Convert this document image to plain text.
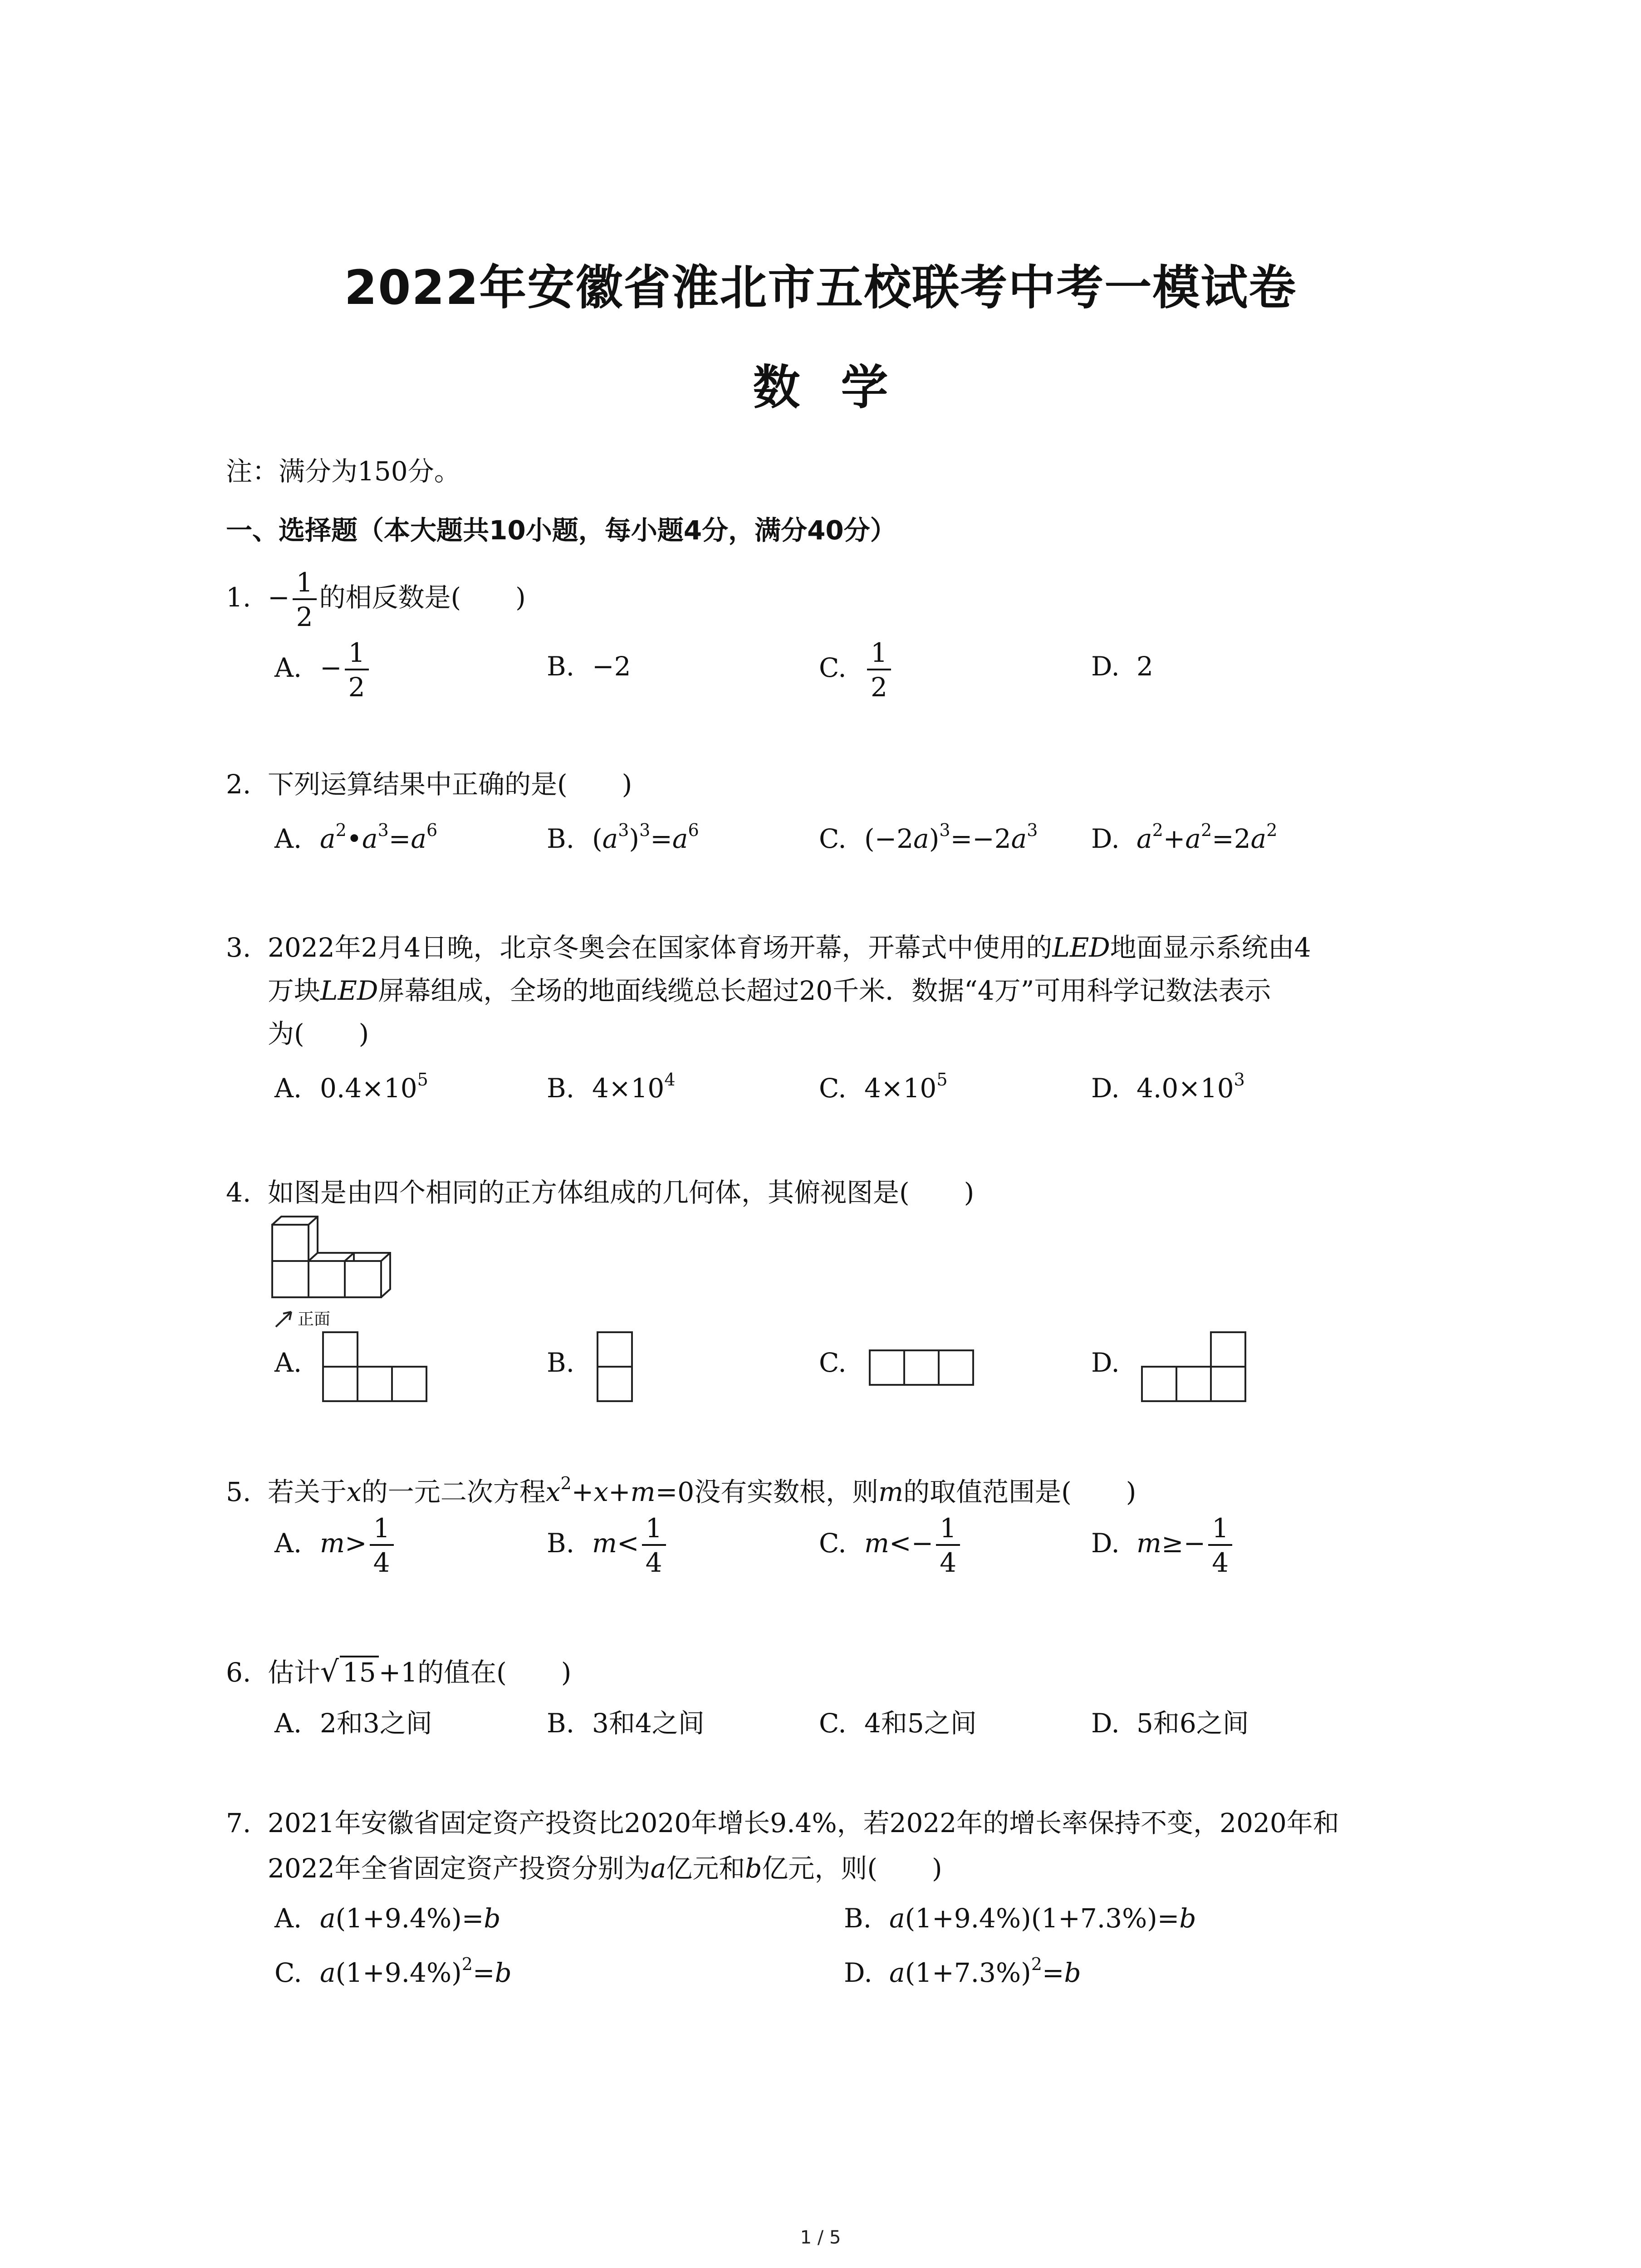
2022年安徽省淮北市五校联考中考一模试卷
数学
注：满分为150分。
一、选择题（本大题共10小题，每小题4分，满分40分）
1. − $\frac{1}{2}$ 的相反数是( )
A. − $\frac{1}{2}$	B. −2	C. $\frac{1}{2}$	D. 2
2. 下列运算结果中正确的是( )
A. $a^2•a^3=a^6$	B. $(a^3)^3=a^6$	C. $(-2a)^3=-2a^3$ D. $a^2+a^2=2a^2$
3. 2022年2月4日晚，北京冬奥会在国家体育场开幕，开幕式中使用的LED地面显示系统由4
万块LED屏幕组成，全场的地面线缆总长超过20千米．数据“4万”可用科学记数法表示
为( )
A. $0.4\times 10^5$	B. $4\times 10^4$	C. $4\times 10^5$	D. $4.0\times 10^3$
4. 如图是由四个相同的正方体组成的几何体，其俯视图是( )
正面
A.	B.	C.	D.
5. 若关于x的一元二次方程$x^2+x+m=0$没有实数根，则m的取值范围是( )
A. $m> \frac{1}{4}$	B. $m< \frac{1}{4}$	C. $m<- \frac{1}{4}$	D. $m\ge- \frac{1}{4}$
6. 估计√ 15 +1的值在( )
A. 2和3之间	B. 3和4之间	C. 4和5之间	D. 5和6之间
7. 2021年安徽省固定资产投资比2020年增长9.4%，若2022年的增长率保持不变，2020年和
2022年全省固定资产投资分别为a亿元和b亿元，则( )
A. a(1+9.4%)=b	B. a(1+9.4%)(1+7.3%)=b
C. $a(1+9.4\%)^2=b$	D. $a(1+7.3\%)^2=b$
1 / 5
